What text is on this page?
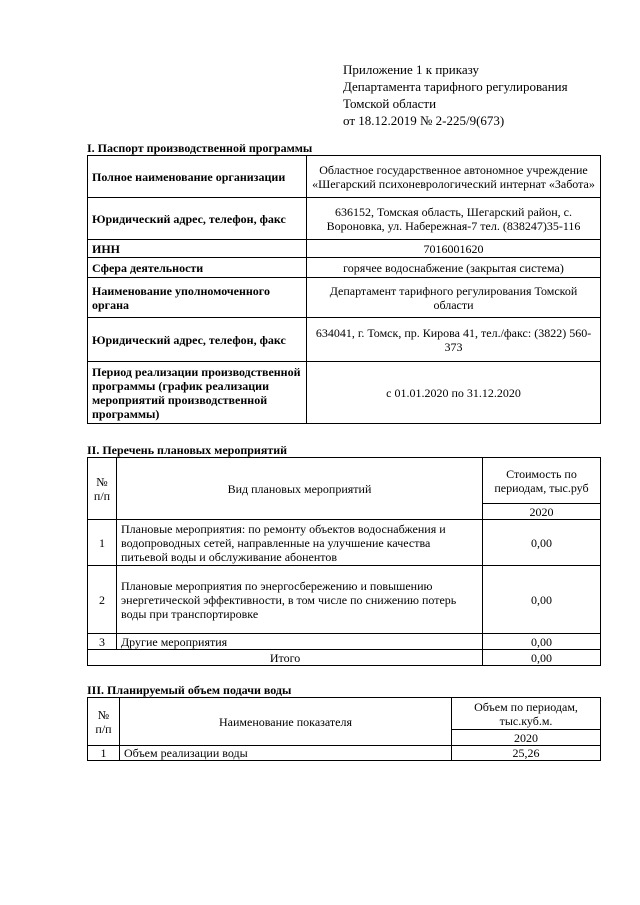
Приложение 1 к приказу
Департамента тарифного регулирования
Томской области
от 18.12.2019 № 2-225/9(673)
I. Паспорт производственной программы
Полное наименование организации	Областное государственное автономное учреждение «Шегарский психоневрологический интернат «Забота»
Юридический адрес, телефон, факс	636152, Томская область, Шегарский район, с. Вороновка, ул. Набережная-7 тел. (838247)35-116
ИНН	7016001620
Сфера деятельности	горячее водоснабжение (закрытая система)
Наименование уполномоченного органа	Департамент тарифного регулирования Томской области
Юридический адрес, телефон, факс	634041, г. Томск, пр. Кирова 41, тел./факс: (3822) 560-373
Период реализации производственной программы (график реализации мероприятий производственной программы)	с 01.01.2020 по 31.12.2020
II. Перечень плановых мероприятий
№ п/п	Вид плановых мероприятий	Стоимость по периодам, тыс.руб
		2020
1	Плановые мероприятия: по ремонту объектов водоснабжения и водопроводных сетей, направленные на улучшение качества питьевой воды и обслуживание абонентов	0,00
2	Плановые мероприятия по энергосбережению и повышению энергетической эффективности, в том числе по снижению потерь воды при транспортировке	0,00
3	Другие мероприятия	0,00
Итого		0,00
III. Планируемый объем подачи воды
№ п/п	Наименование показателя	Объем по периодам, тыс.куб.м.
		2020
1	Объем реализации воды	25,26
